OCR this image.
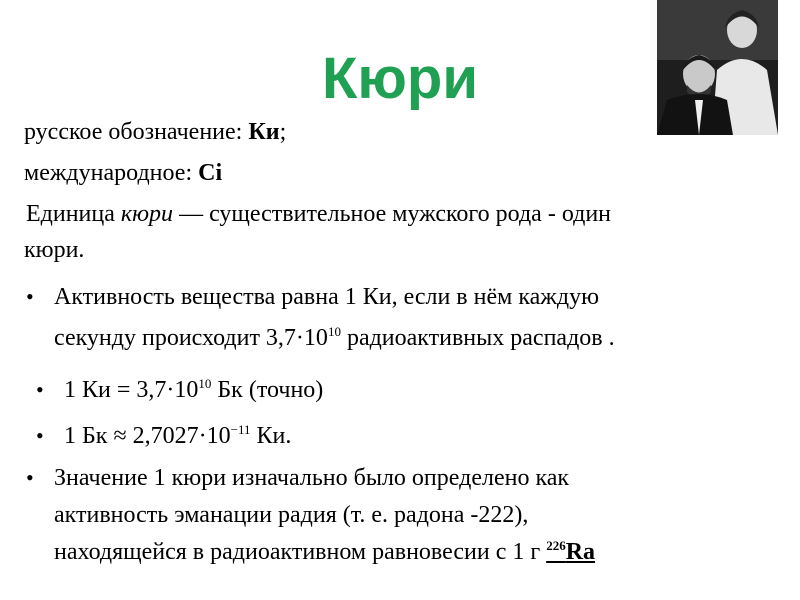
Кюри
русское обозначение: Ки;
международное: Ci
Единица кюри — существительное мужского рода - один
кюри.
• Активность вещества равна 1 Ки, если в нём каждую
секунду происходит $3,7\cdot 10^{10}$ радиоактивных распадов .
• 1 Ки = $3,7\cdot 10^{10}$ Бк (точно)
• 1 Бк ≈ $2,7027\cdot 10^{-11}$ Ки.
• Значение 1 кюри изначально было определено как
активность эманации радия (т. е. радона -222),
находящейся в радиоактивном равновесии с 1 г $^{226}$Ra
